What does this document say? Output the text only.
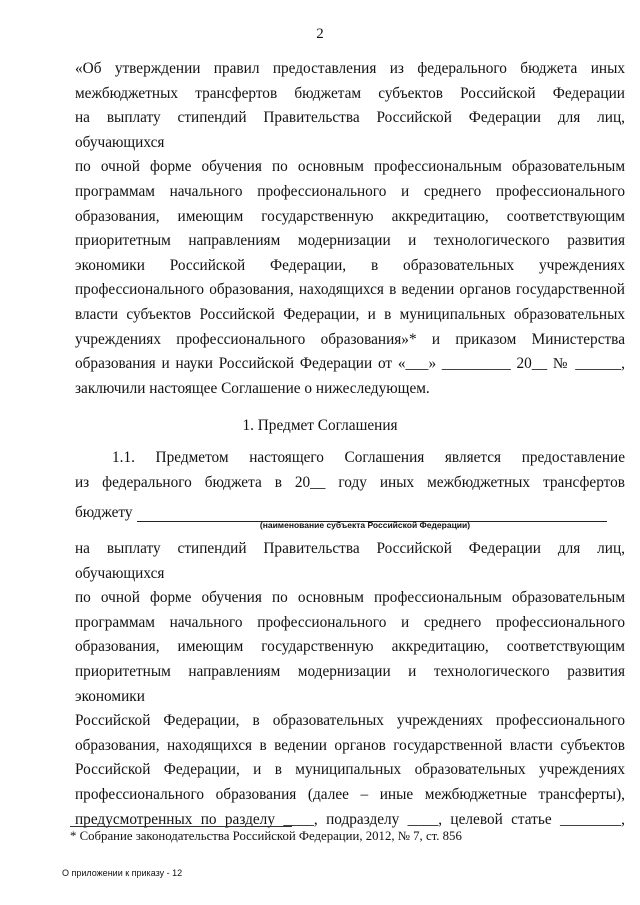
2
«Об утверждении правил предоставления из федерального бюджета иных
межбюджетных трансфертов бюджетам субъектов Российской Федерации
на выплату стипендий Правительства Российской Федерации для лиц, обучающихся
по очной форме обучения по основным профессиональным образовательным
программам начального профессионального и среднего профессионального
образования, имеющим государственную аккредитацию, соответствующим
приоритетным направлениям модернизации и технологического развития
экономики Российской Федерации, в образовательных учреждениях
профессионального образования, находящихся в ведении органов государственной
власти субъектов Российской Федерации, и в муниципальных образовательных
учреждениях профессионального образования»* и приказом Министерства
образования и науки Российской Федерации от «___» _________ 20__ № ______,
заключили настоящее Соглашение о нижеследующем.
1. Предмет Соглашения
1.1. Предметом настоящего Соглашения является предоставление
из федерального бюджета в 20__ году иных межбюджетных трансфертов
бюджету
(наименование субъекта Российской Федерации)
на выплату стипендий Правительства Российской Федерации для лиц, обучающихся
по очной форме обучения по основным профессиональным образовательным
программам начального профессионального и среднего профессионального
образования, имеющим государственную аккредитацию, соответствующим
приоритетным направлениям модернизации и технологического развития экономики
Российской Федерации, в образовательных учреждениях профессионального
образования, находящихся в ведении органов государственной власти субъектов
Российской Федерации, и в муниципальных образовательных учреждениях
профессионального образования (далее – иные межбюджетные трансферты),
предусмотренных по разделу ____, подразделу ____, целевой статье ________,
* Собрание законодательства Российской Федерации, 2012, № 7, ст. 856
О приложении к приказу - 12
